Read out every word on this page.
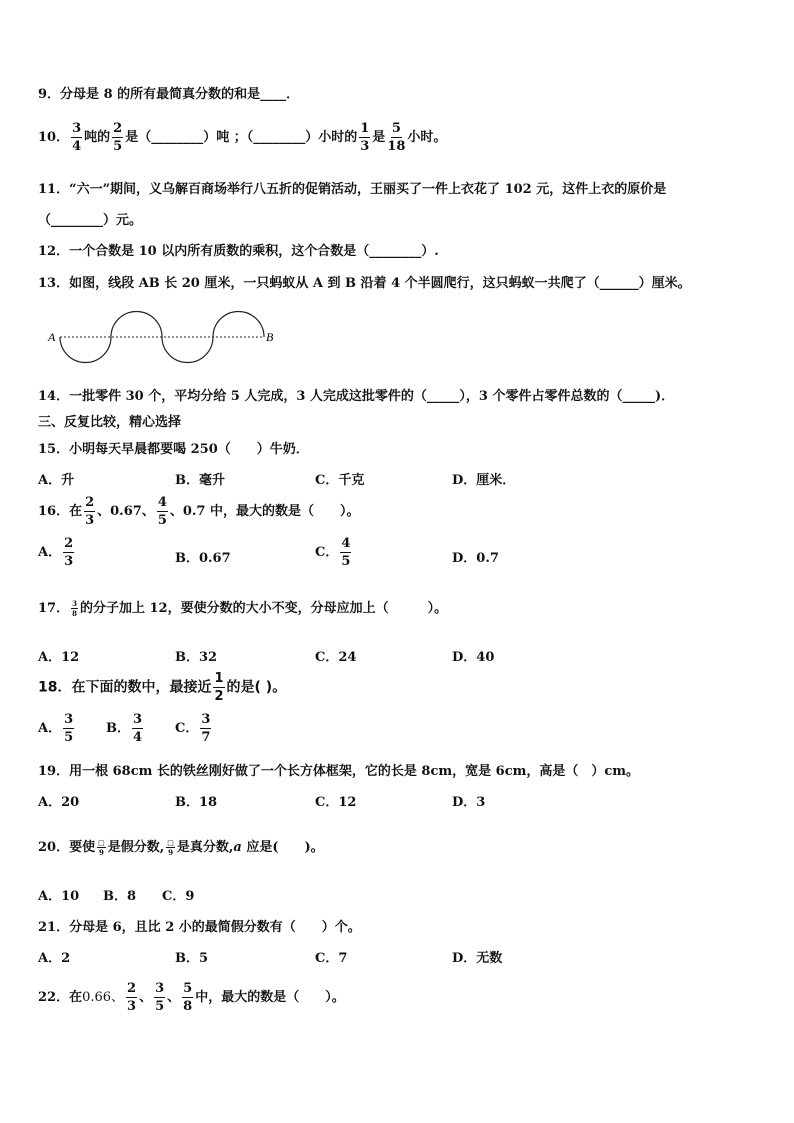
9．分母是 8 的所有最简真分数的和是____．
10． $\frac{3}{4}$ 吨的 $\frac{2}{5}$ 是（________）吨 ；（________）小时的 $\frac{1}{3}$ 是 $\frac{5}{18}$ 小时。
11．“六一”期间，义乌解百商场举行八五折的促销活动，王丽买了一件上衣花了 102 元，这件上衣的原价是
（________）元。
12．一个合数是 10 以内所有质数的乘积，这个合数是（________）.
13．如图，线段 AB 长 20 厘米，一只蚂蚁从 A 到 B 沿着 4 个半圆爬行，这只蚂蚁一共爬了（______）厘米。
A	B
14．一批零件 30 个，平均分给 5 人完成，3 人完成这批零件的（_____），3 个零件占零件总数的（_____)．
三、反复比较，精心选择
15．小明每天早晨都要喝 250（　　）牛奶．
A．升	B．毫升	C．千克	D．厘米．
16．在 $\frac{2}{3}$ 、0.67、 $\frac{4}{5}$ 、0.7 中，最大的数是（　　）。
A． $\frac{2}{3}$	B．0.67	C． $\frac{4}{5}$	D．0.7
17． $\frac{3}{8}$ 的分子加上 12，要使分数的大小不变，分母应加上（　　　）。
A．12	B．32	C．24	D．40
18．在下面的数中，最接近 $\frac{1}{2}$ 的是( )。
A． $\frac{3}{5}$ B． $\frac{3}{4}$ C． $\frac{3}{7}$
19．用一根 68cm 长的铁丝刚好做了一个长方体框架，它的长是 8cm，宽是 6cm，高是（　）cm。
A．20	B．18	C．12	D．3
20．要使 $\frac{□}{9}$ 是假分数, $\frac{□}{9}$ 是真分数,a 应是(　　)。
A．10 B．8 C．9
21．分母是 6，且比 2 小的最简假分数有（　　）个。
A．2	B．5	C．7	D．无数
22．在0.66、 $\frac{2}{3}$ 、 $\frac{3}{5}$ 、 $\frac{5}{8}$ 中，最大的数是（　　）。
